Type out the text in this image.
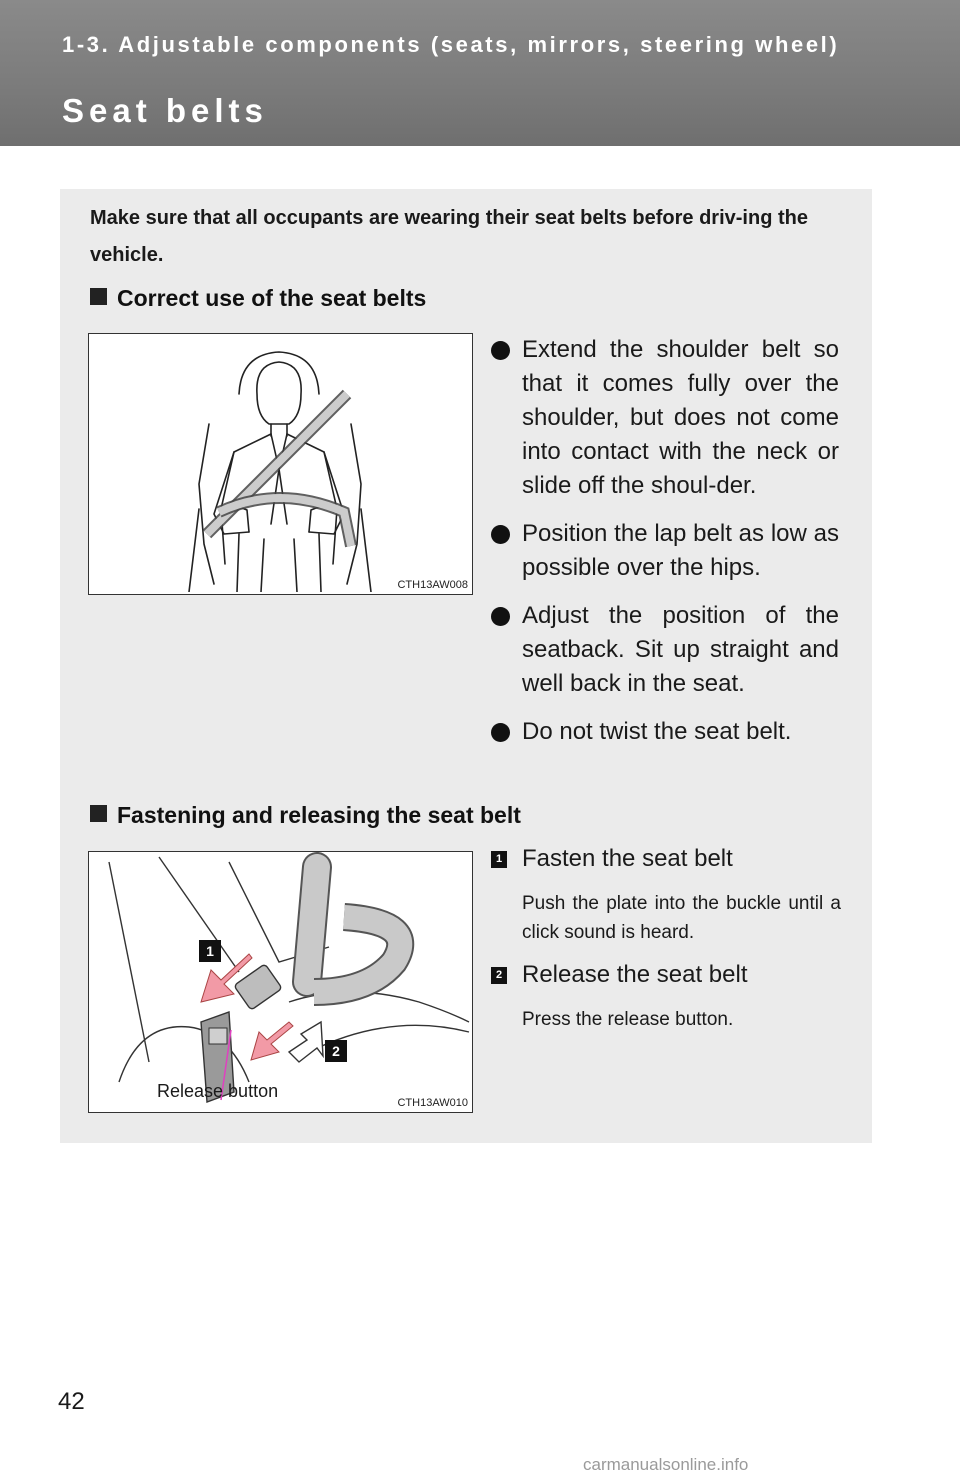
1-3. Adjustable components (seats, mirrors, steering wheel)
Seat belts
Make sure that all occupants are wearing their seat belts before driv-ing the vehicle.
Correct use of the seat belts
CTH13AW008
Extend the shoulder belt so that it comes fully over the shoulder, but does not come into contact with the neck or slide off the shoul-der.
Position the lap belt as low as possible over the hips.
Adjust the position of the seatback. Sit up straight and well back in the seat.
Do not twist the seat belt.
Fastening and releasing the seat belt
1
2
Release button
CTH13AW010
1 Fasten the seat belt
Push the plate into the buckle until a click sound is heard.
2 Release the seat belt
Press the release button.
42
carmanualsonline.info
